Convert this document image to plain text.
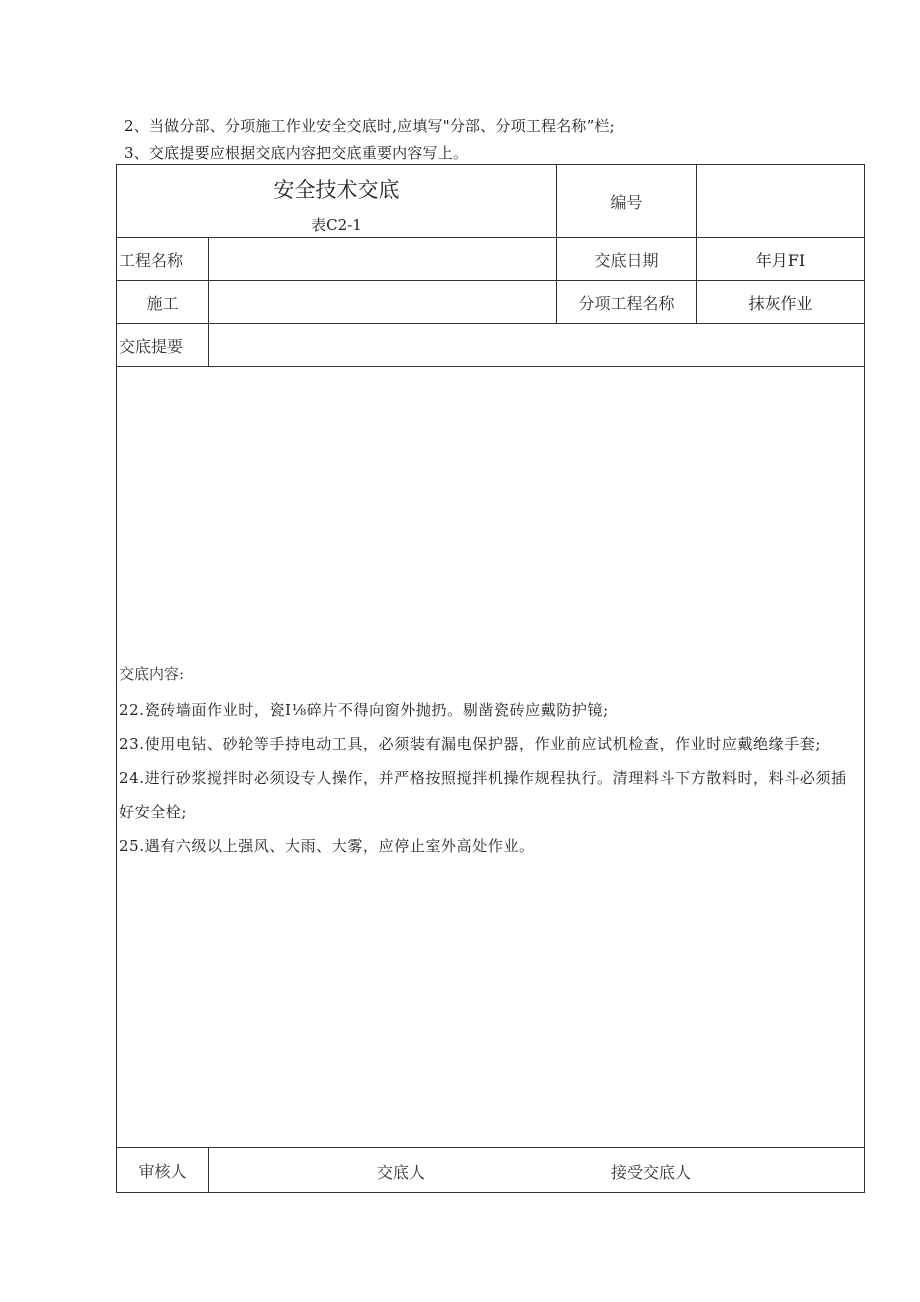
2、当做分部、分项施工作业安全交底时,应填写"分部、分项工程名称”栏;
3、交底提要应根据交底内容把交底重要内容写上。
安全技术交底
表C2-1		编号	
工程名称		交底日期	年月FI
施工		分项工程名称	抹灰作业
交底提要			

交底内容:
22.瓷砖墙面作业时，瓷I⅛碎片不得向窗外抛扔。剔凿瓷砖应戴防护镜;
23.使用电钻、砂轮等手持电动工具，必须装有漏电保护器，作业前应试机检查，作业时应戴绝缘手套;
24.进行砂浆搅拌时必须设专人操作，并严格按照搅拌机操作规程执行。清理料斗下方散料时，料斗必须插好安全栓;
25.遇有六级以上强风、大雨、大雾，应停止室外高处作业。			

审核人	交底人 接受交底人		
